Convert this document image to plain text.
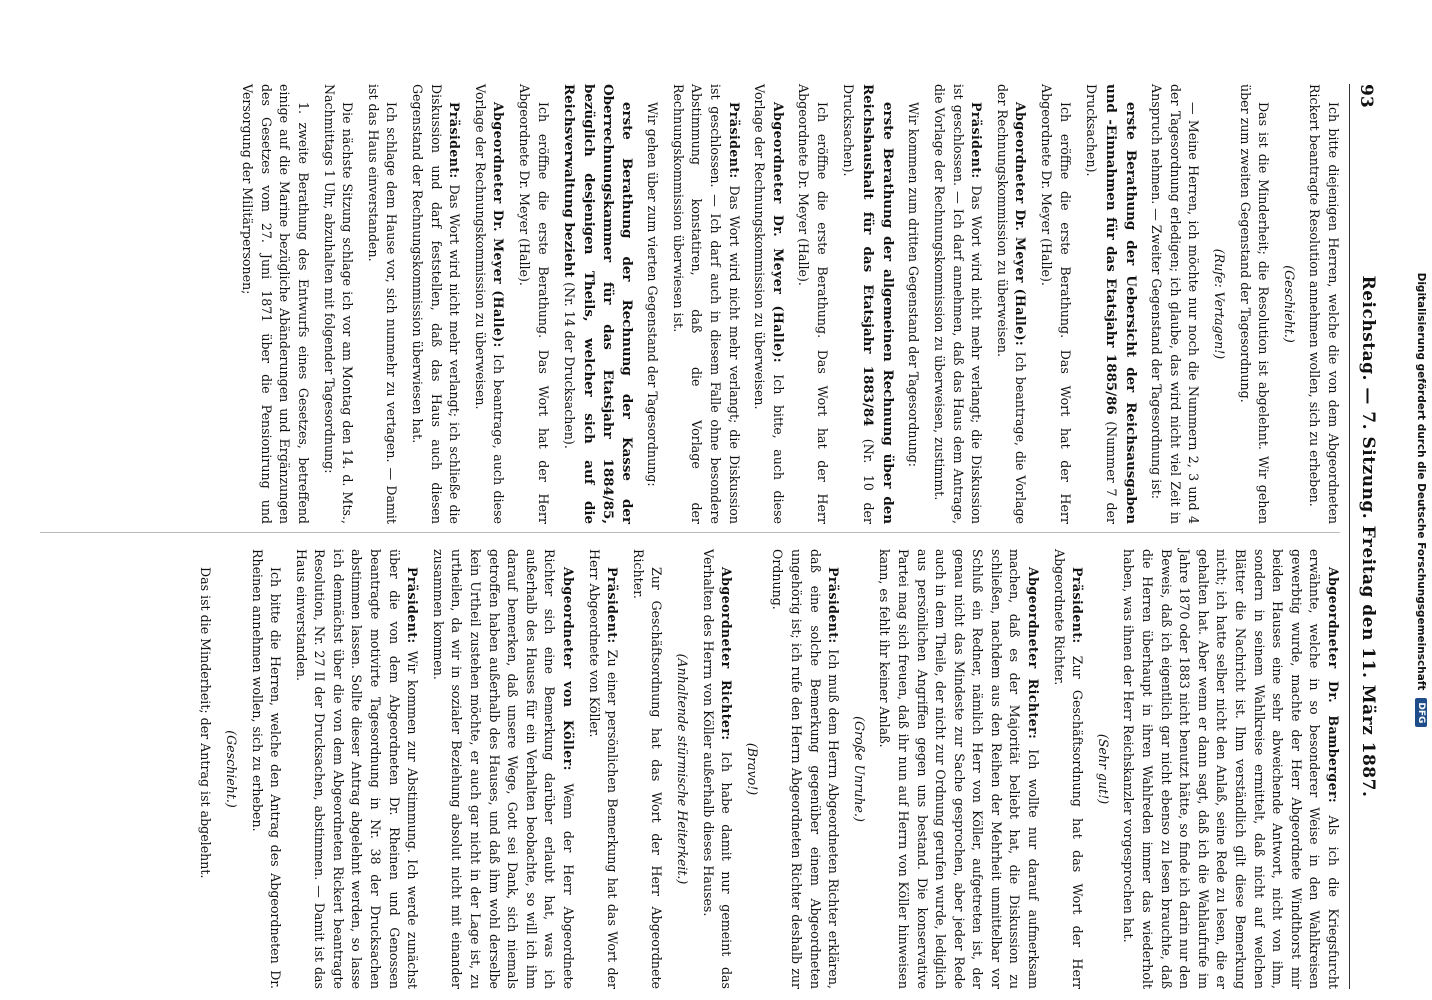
Digitalisierung gefördert durch die Deutsche Forschungsgemeinschaft
DFG
93
Reichstag. — 7. Sitzung. Freitag den 11. März 1887.

Ich bitte diejenigen Herren, welche die von dem Abgeordneten Rickert beantragte Resolution annehmen wollen, sich zu erheben.

(Geschieht.)

Das ist die Minderheit; die Resolution ist abgelehnt. Wir gehen über zum zweiten Gegenstand der Tagesordnung.

(Rufe: Vertagen!)

— Meine Herren, ich möchte nur noch die Nummern 2, 3 und 4 der Tagesordnung erledigen; ich glaube, das wird nicht viel Zeit in Anspruch nehmen. — Zweiter Gegenstand der Tagesordnung ist:

erste Berathung der Uebersicht der Reichsausgaben und -Einnahmen für das Etatsjahr 1885/86 (Nummer 7 der Drucksachen).

Ich eröffne die erste Berathung. Das Wort hat der Herr Abgeordnete Dr. Meyer (Halle).

Abgeordneter Dr. Meyer (Halle): Ich beantrage, die Vorlage der Rechnungskommission zu überweisen.

Präsident: Das Wort wird nicht mehr verlangt; die Diskussion ist geschlossen. — Ich darf annehmen, daß das Haus dem Antrage, die Vorlage der Rechnungskommission zu überweisen, zustimmt.

Wir kommen zum dritten Gegenstand der Tagesordnung:

erste Berathung der allgemeinen Rechnung über den Reichshaushalt für das Etatsjahr 1883/84 (Nr. 10 der Drucksachen).

Ich eröffne die erste Berathung. Das Wort hat der Herr Abgeordnete Dr. Meyer (Halle).

Abgeordneter Dr. Meyer (Halle): Ich bitte, auch diese Vorlage der Rechnungskommission zu überweisen.

Präsident: Das Wort wird nicht mehr verlangt; die Diskussion ist geschlossen. — Ich darf auch in diesem Falle ohne besondere Abstimmung konstatiren, daß die Vorlage der Rechnungskommission überwiesen ist.

Wir gehen über zum vierten Gegenstand der Tagesordnung:

erste Berathung der Rechnung der Kasse der Oberrechnungskammer für das Etatsjahr 1884/85, bezüglich desjenigen Theils, welcher sich auf die Reichsverwaltung bezieht (Nr. 14 der Drucksachen).

Ich eröffne die erste Berathung. Das Wort hat der Herr Abgeordnete Dr. Meyer (Halle).

Abgeordneter Dr. Meyer (Halle): Ich beantrage, auch diese Vorlage der Rechnungskommission zu überweisen.

Präsident: Das Wort wird nicht mehr verlangt; ich schließe die Diskussion und darf feststellen, daß das Haus auch diesen Gegenstand der Rechnungskommission überwiesen hat.

Ich schlage dem Hause vor, sich nunmehr zu vertagen. — Damit ist das Haus einverstanden.

Die nächste Sitzung schlage ich vor am Montag den 14. d. Mts., Nachmittags 1 Uhr, abzuhalten mit folgender Tagesordnung:

1. zweite Berathung des Entwurfs eines Gesetzes, betreffend einige auf die Marine bezügliche Abänderungen und Ergänzungen des Gesetzes vom 27. Juni 1871 über die Pensionirung und Versorgung der Militärpersonen;

Abgeordneter Dr. Bamberger: Als ich die Kriegsfurcht erwähnte, welche in so besonderer Weise in den Wahlkreisen gewerbtig wurde, machte der Herr Abgeordnete Windthorst mir beiden Hauses eine sehr abweichende Antwort, nicht von ihm, sondern in seinem Wahlkreise ermittelt, daß nicht auf welchen Blätter die Nachricht ist. Ihm verständlich gilt diese Bemerkung nicht; ich hatte selber nicht den Anlaß, seine Rede zu lesen, die er gehalten hat. Aber wenn er dann sagt, daß ich die Wahlaufrufe im Jahre 1870 oder 1883 nicht benutzt hätte, so finde ich darin nur den Beweis, daß ich eigentlich gar nicht ebenso zu lesen brauchte, daß die Herren überhaupt in ihren Wahlreden immer das wiederholt haben, was ihnen der Herr Reichskanzler vorgesprochen hat.

(Sehr gut!)

Präsident: Zur Geschäftsordnung hat das Wort der Herr Abgeordnete Richter.

Abgeordneter Richter: Ich wollte nur darauf aufmerksam machen, daß es der Majorität beliebt hat, die Diskussion zu schließen, nachdem aus den Reihen der Mehrheit unmittelbar vor Schluß ein Redner, nämlich Herr von Köller, aufgetreten ist, der genau nicht das Mindeste zur Sache gesprochen, aber jeder Rede auch in dem Theile, der nicht zur Ordnung gerufen wurde, lediglich aus persönlichen Angriffen gegen uns bestand. Die konservative Partei mag sich freuen, daß ihr nun auf Herrn von Köller hinweisen kann, es fehlt ihr keiner Anlaß.

(Große Unruhe.)

Präsident: Ich muß dem Herrn Abgeordneten Richter erklären, daß eine solche Bemerkung gegenüber einem Abgeordneten ungehörig ist; ich rufe den Herrn Abgeordneten Richter deshalb zur Ordnung.

(Bravo!)

Abgeordneter Richter: Ich habe damit nur gemeint das Verhalten des Herrn von Köller außerhalb dieses Hauses.

(Anhaltende stürmische Heiterkeit.)

Zur Geschäftsordnung hat das Wort der Herr Abgeordnete Richter.

Präsident: Zu einer persönlichen Bemerkung hat das Wort der Herr Abgeordnete von Köller.

Abgeordneter von Köller: Wenn der Herr Abgeordnete Richter sich eine Bemerkung darüber erlaubt hat, was ich außerhalb des Hauses für ein Verhalten beobachte, so will ich ihm darauf bemerken, daß unsere Wege, Gott sei Dank, sich niemals getroffen haben außerhalb des Hauses, und daß ihm wohl derselbe kein Urtheil zustehen möchte, er auch gar nicht in der Lage ist, zu urtheilen, da wir in sozialer Beziehung absolut nicht mit einander zusammen kommen.

Präsident: Wir kommen zur Abstimmung. Ich werde zunächst über die von dem Abgeordneten Dr. Rheinen und Genossen beantragte motivirte Tagesordnung in Nr. 38 der Drucksachen abstimmen lassen. Sollte dieser Antrag abgelehnt werden, so lasse ich demnächst über die von dem Abgeordneten Rickert beantragte Resolution, Nr. 27 II der Drucksachen, abstimmen. — Damit ist das Haus einverstanden.

Ich bitte die Herren, welche den Antrag des Abgeordneten Dr. Rheinen annehmen wollen, sich zu erheben.

(Geschieht.)

Das ist die Minderheit; der Antrag ist abgelehnt.
